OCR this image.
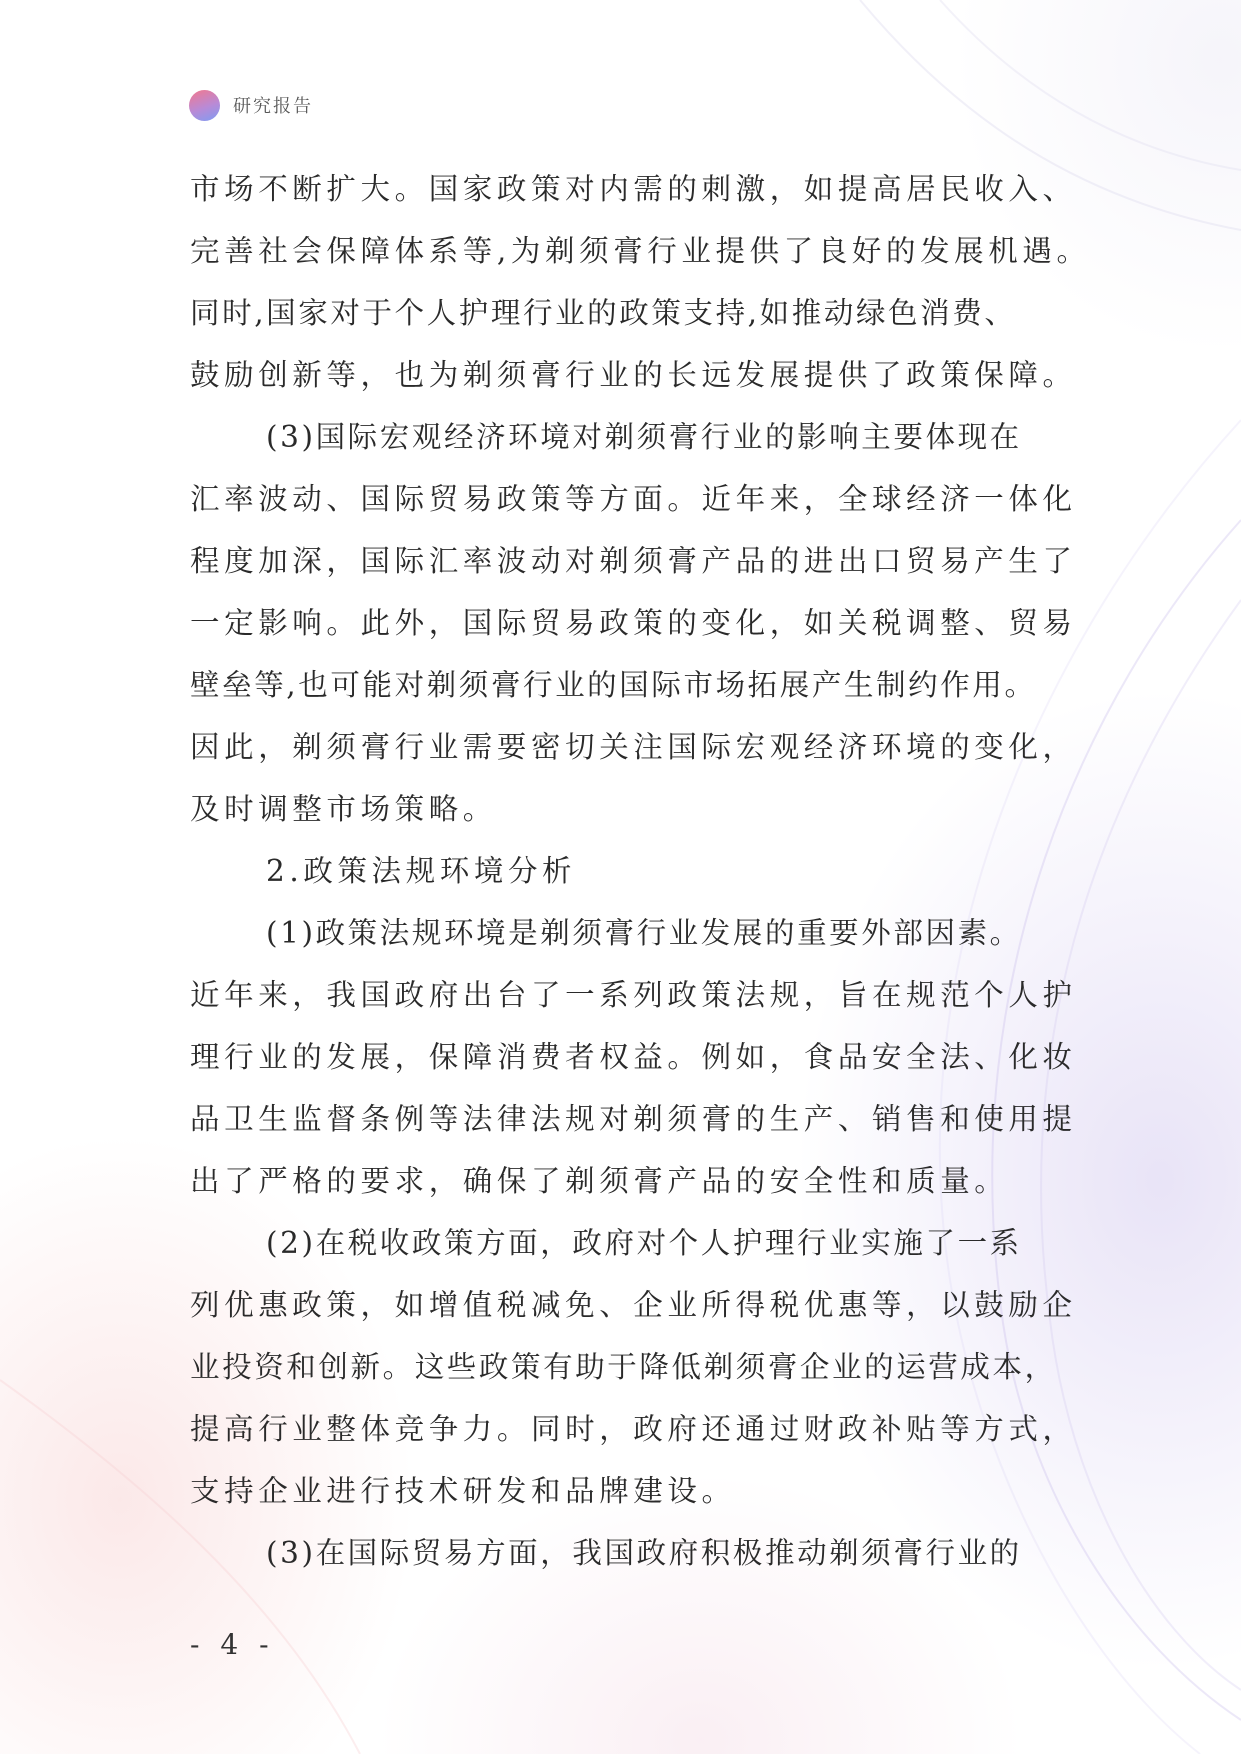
研究报告
市场不断扩大。国家政策对内需的刺激，如提高居民收入、
完善社会保障体系等,为剃须膏行业提供了良好的发展机遇。
同时,国家对于个人护理行业的政策支持,如推动绿色消费、
鼓励创新等，也为剃须膏行业的长远发展提供了政策保障。
(3)国际宏观经济环境对剃须膏行业的影响主要体现在
汇率波动、国际贸易政策等方面。近年来，全球经济一体化
程度加深，国际汇率波动对剃须膏产品的进出口贸易产生了
一定影响。此外，国际贸易政策的变化，如关税调整、贸易
壁垒等,也可能对剃须膏行业的国际市场拓展产生制约作用。
因此，剃须膏行业需要密切关注国际宏观经济环境的变化，
及时调整市场策略。
2.政策法规环境分析
(1)政策法规环境是剃须膏行业发展的重要外部因素。
近年来，我国政府出台了一系列政策法规，旨在规范个人护
理行业的发展，保障消费者权益。例如，食品安全法、化妆
品卫生监督条例等法律法规对剃须膏的生产、销售和使用提
出了严格的要求，确保了剃须膏产品的安全性和质量。
(2)在税收政策方面，政府对个人护理行业实施了一系
列优惠政策，如增值税减免、企业所得税优惠等，以鼓励企
业投资和创新。这些政策有助于降低剃须膏企业的运营成本，
提高行业整体竞争力。同时，政府还通过财政补贴等方式，
支持企业进行技术研发和品牌建设。
(3)在国际贸易方面，我国政府积极推动剃须膏行业的
- 4 -
